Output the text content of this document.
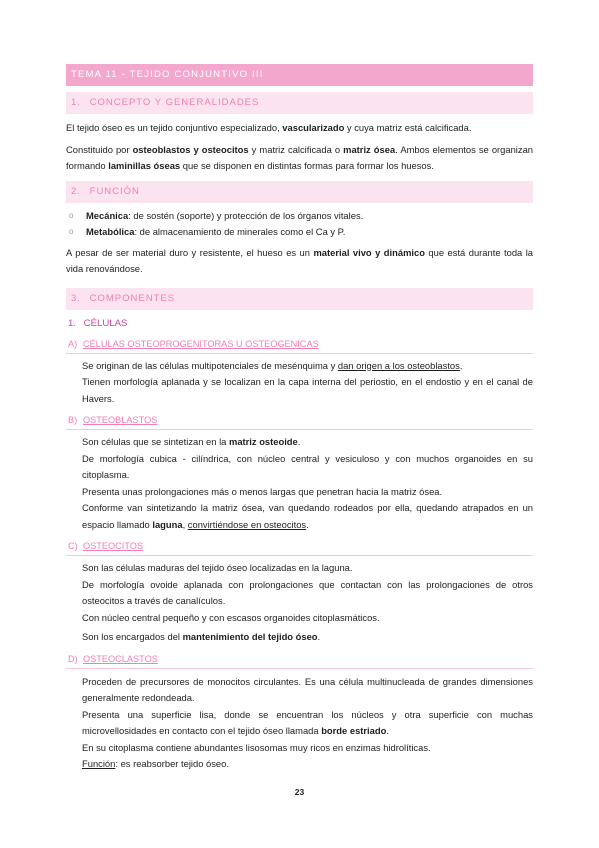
TEMA 11 - TEJIDO CONJUNTIVO III
1. CONCEPTO Y GENERALIDADES

El tejido óseo es un tejido conjuntivo especializado, vascularizado y cuya matriz está calcificada.

Constituido por osteoblastos y osteocitos y matriz calcificada o matriz ósea. Ambos elementos se organizan formando laminillas óseas que se disponen en distintas formas para formar los huesos.

2. FUNCIÓN
o Mecánica: de sostén (soporte) y protección de los órganos vitales.
o Metabólica: de almacenamiento de minerales como el Ca y P.

A pesar de ser material duro y resistente, el hueso es un material vivo y dinámico que está durante toda la vida renovándose.

3. COMPONENTES
1. CÉLULAS
A) CÉLULAS OSTEOPROGENITORAS U OSTEOGENICAS

Se originan de las células multipotenciales de mesénquima y dan origen a los osteoblastos.

Tienen morfología aplanada y se localizan en la capa interna del periostio, en el endostio y en el canal de Havers.

B) OSTEOBLASTOS

Son células que se sintetizan en la matriz osteoide.

De morfología cubica - cilíndrica, con núcleo central y vesiculoso y con muchos organoides en su citoplasma.

Presenta unas prolongaciones más o menos largas que penetran hacia la matriz ósea.

Conforme van sintetizando la matriz ósea, van quedando rodeados por ella, quedando atrapados en un espacio llamado laguna, convirtiéndose en osteocitos.

C) OSTEOCITOS

Son las células maduras del tejido óseo localizadas en la laguna.

De morfología ovoide aplanada con prolongaciones que contactan con las prolongaciones de otros osteocitos a través de canalículos.

Con núcleo central pequeño y con escasos organoides citoplasmáticos.

Son los encargados del mantenimiento del tejido óseo.

D) OSTEOCLASTOS

Proceden de precursores de monocitos circulantes. Es una célula multinucleada de grandes dimensiones generalmente redondeada.

Presenta una superficie lisa, donde se encuentran los núcleos y otra superficie con muchas microvellosidades en contacto con el tejido óseo llamada borde estriado.

En su citoplasma contiene abundantes lisosomas muy ricos en enzimas hidrolíticas.

Función: es reabsorber tejido óseo.

23
